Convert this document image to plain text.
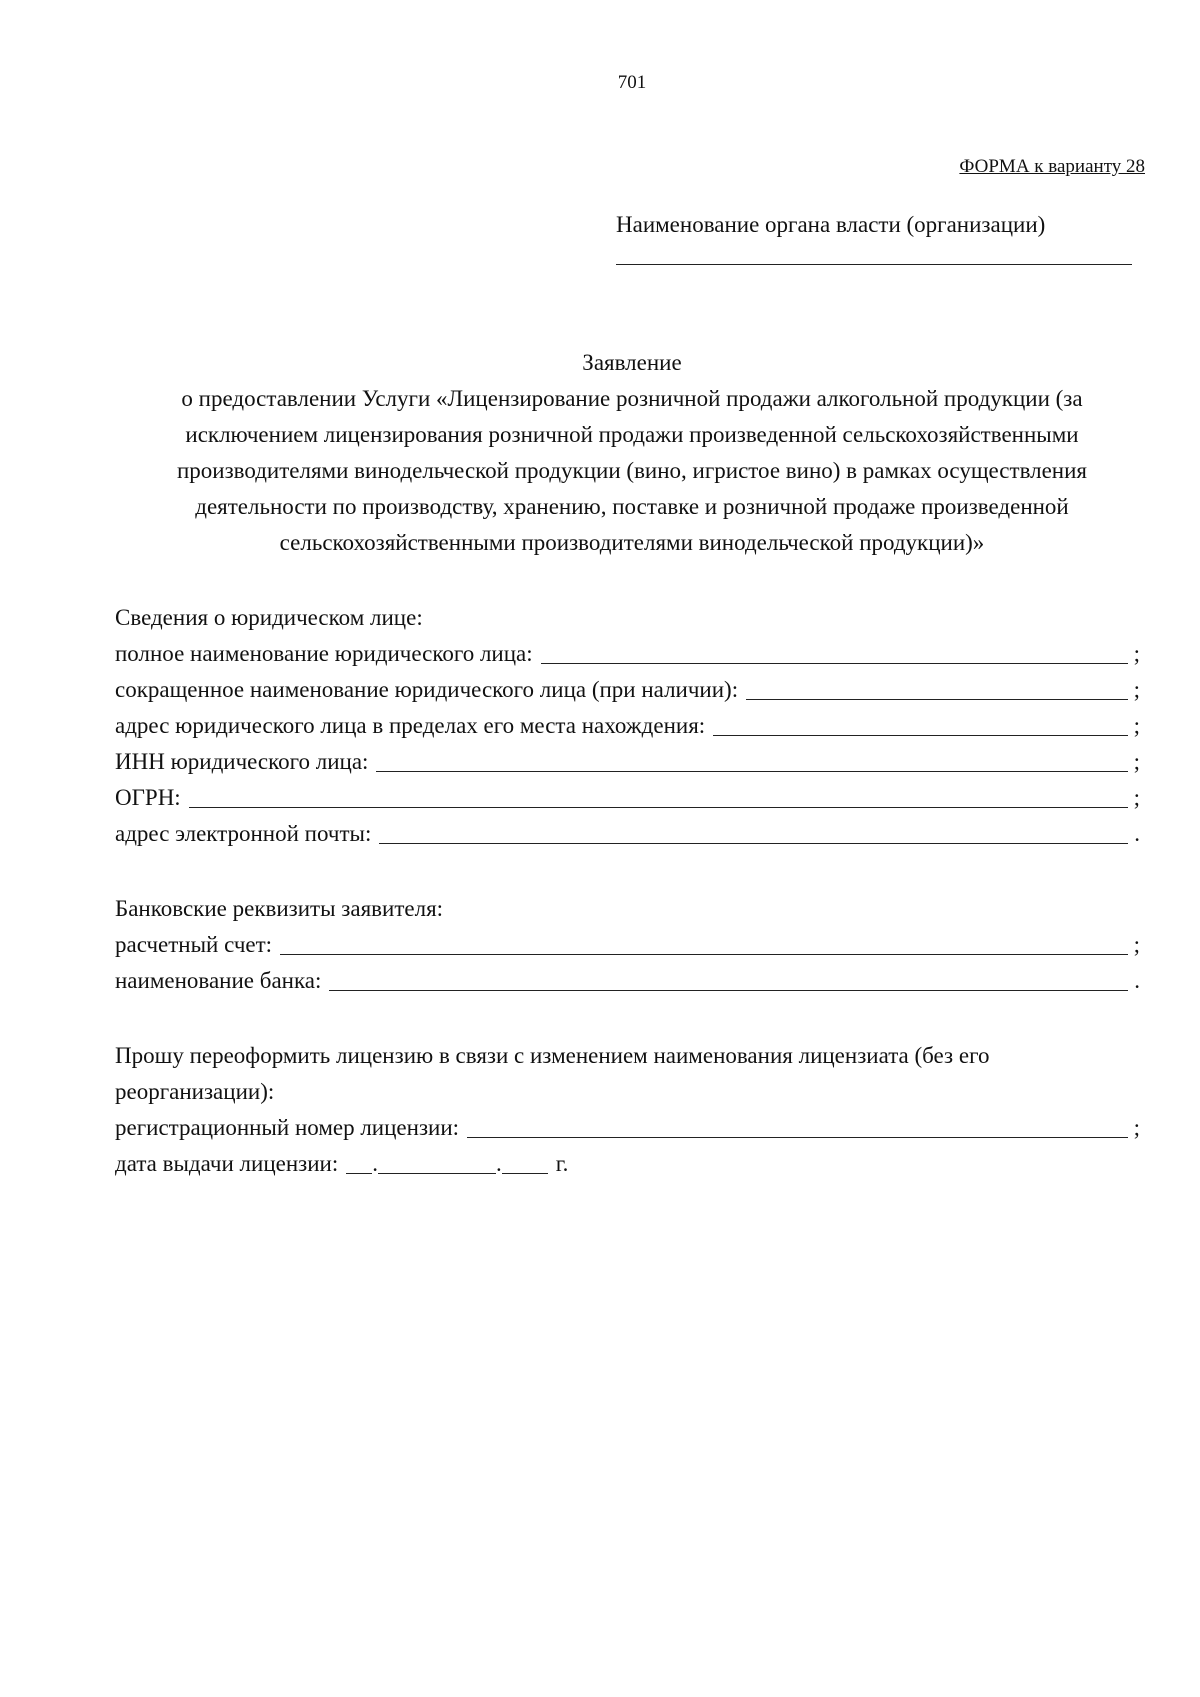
701
ФОРМА к варианту 28
Наименование органа власти (организации)
Заявление
о предоставлении Услуги «Лицензирование розничной продажи алкогольной продукции (за исключением лицензирования розничной продажи произведенной сельскохозяйственными производителями винодельческой продукции (вино, игристое вино) в рамках осуществления деятельности по производству, хранению, поставке и розничной продаже произведенной сельскохозяйственными производителями винодельческой продукции)»
Сведения о юридическом лице:
полное наименование юридического лица:	;
сокращенное наименование юридического лица (при наличии):	;
адрес юридического лица в пределах его места нахождения:	;
ИНН юридического лица:	;
ОГРН:	;
адрес электронной почты:	.
Банковские реквизиты заявителя:
расчетный счет:	;
наименование банка:	.
Прошу переоформить лицензию в связи с изменением наименования лицензиата (без его реорганизации):
регистрационный номер лицензии:	;
дата выдачи лицензии: .	. г.
